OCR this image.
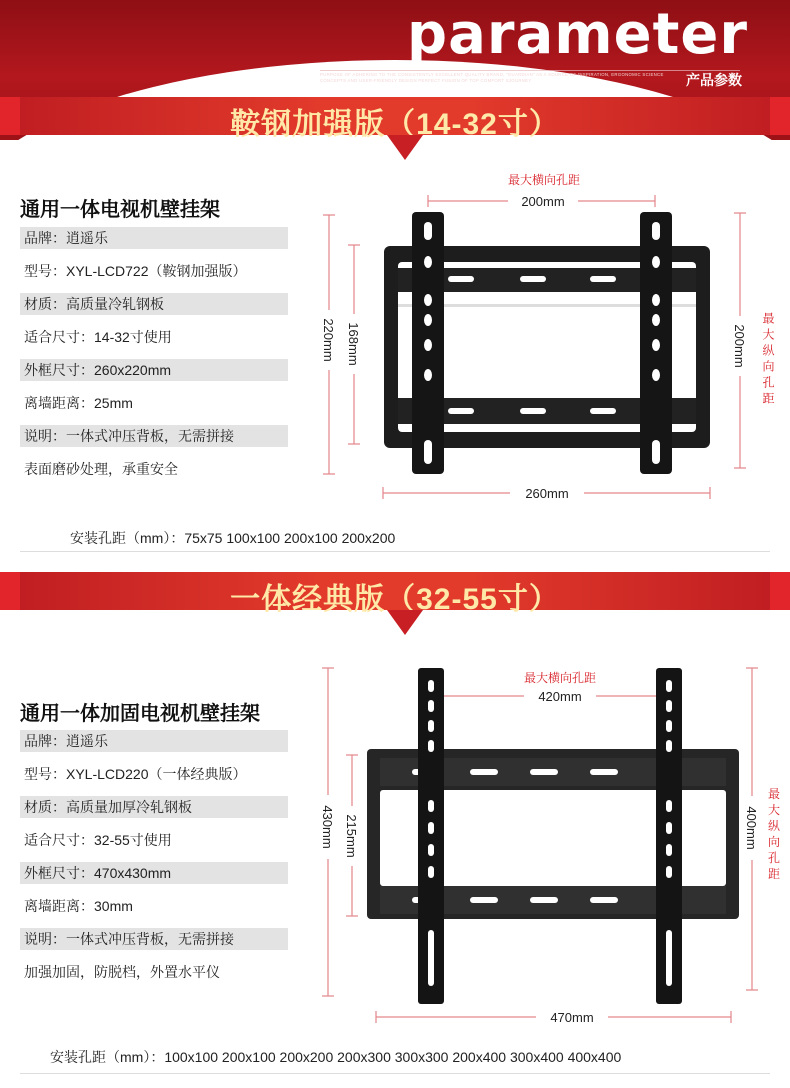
parameter
PURPOSE OF ADHERING TO THE CONSISTENTLY EXCELLENT QUALITY BRAND, "GUARDIAN" AS A SOURCE OF INSPIRATION, ERGONOMIC SCIENCE CONCEPTS AND USER-FRIENDLY DESIGN PERFECT FUSION OF TOP COMFORT SJOURNEY	产品参数
鞍钢加强版（14-32寸）
通用一体电视机壁挂架
品牌：逍遥乐
型号：XYL-LCD722（鞍钢加强版）
材质：高质量冷轧钢板
适合尺寸：14-32寸使用
外框尺寸：260x220mm
离墙距离：25mm
说明：一体式冲压背板，无需拼接
表面磨砂处理，承重安全
安装孔距（mm）：75x75 100x100 200x100 200x200
一体经典版（32-55寸）
通用一体加固电视机壁挂架
品牌：逍遥乐
型号：XYL-LCD220（一体经典版）
材质：高质量加厚冷轧钢板
适合尺寸：32-55寸使用
外框尺寸：470x430mm
离墙距离：30mm
说明：一体式冲压背板，无需拼接
加强加固，防脱档，外置水平仪
安装孔距（mm）：100x100 200x100 200x200 200x300 300x300 200x400 300x400 400x400
最大横向孔距
200mm
220mm 168mm	200mm
260mm
最大纵向孔距
最大横向孔距
420mm
430mm 215mm	400mm
470mm
最大纵向孔距
